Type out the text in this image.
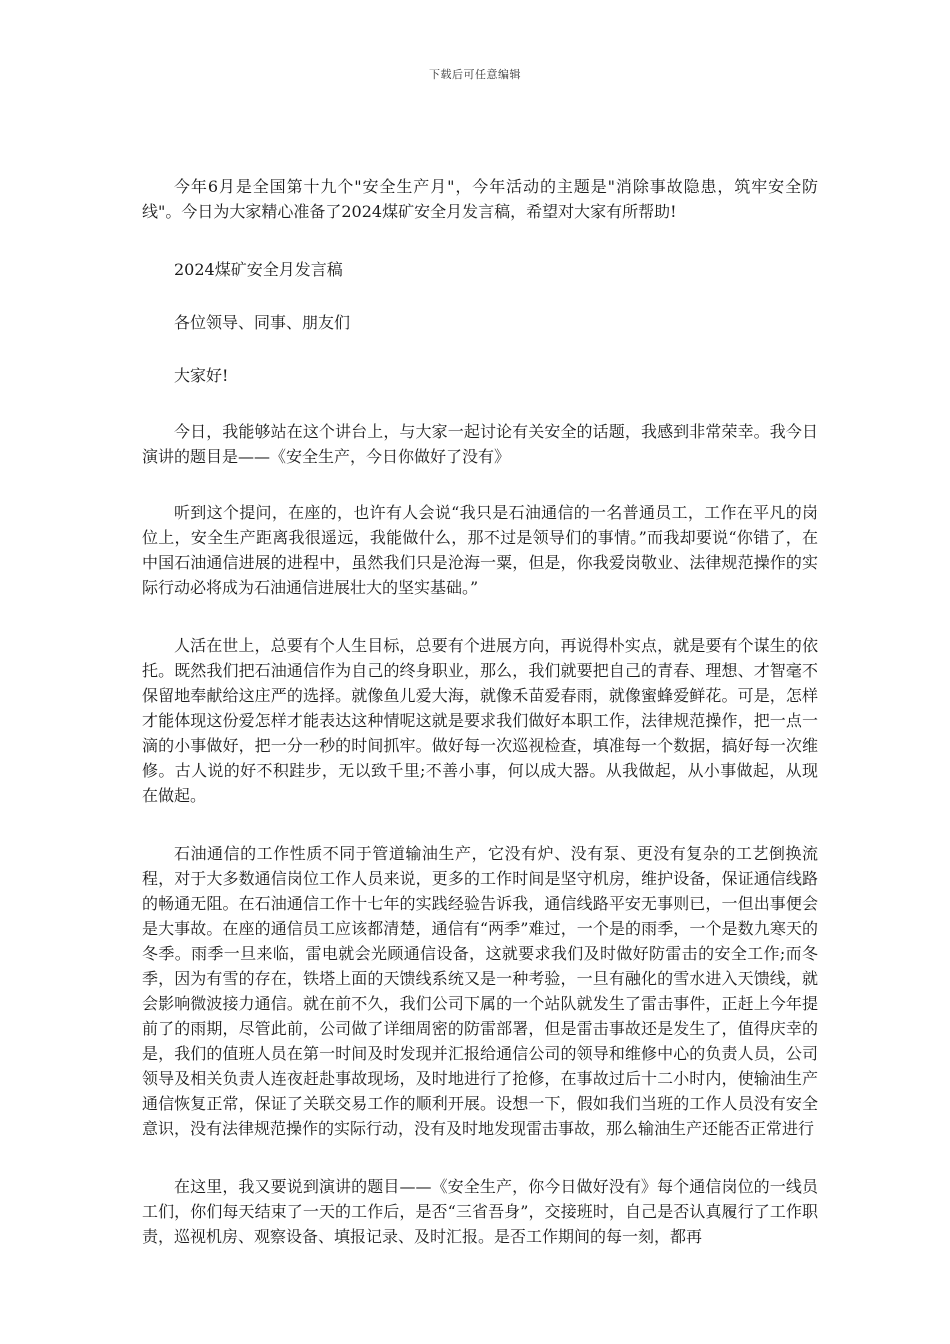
下载后可任意编辑

今年6月是全国第十九个"安全生产月"，今年活动的主题是"消除事故隐患，筑牢安全防线"。今日为大家精心准备了2024煤矿安全月发言稿，希望对大家有所帮助!

2024煤矿安全月发言稿

各位领导、同事、朋友们

大家好!

今日，我能够站在这个讲台上，与大家一起讨论有关安全的话题，我感到非常荣幸。我今日演讲的题目是——《安全生产，今日你做好了没有》

听到这个提问，在座的，也许有人会说“我只是石油通信的一名普通员工，工作在平凡的岗位上，安全生产距离我很遥远，我能做什么，那不过是领导们的事情。”而我却要说“你错了，在中国石油通信进展的进程中，虽然我们只是沧海一粟，但是，你我爱岗敬业、法律规范操作的实际行动必将成为石油通信进展壮大的坚实基础。”

人活在世上，总要有个人生目标，总要有个进展方向，再说得朴实点，就是要有个谋生的依托。既然我们把石油通信作为自己的终身职业，那么，我们就要把自己的青春、理想、才智毫不保留地奉献给这庄严的选择。就像鱼儿爱大海，就像禾苗爱春雨，就像蜜蜂爱鲜花。可是，怎样才能体现这份爱怎样才能表达这种情呢这就是要求我们做好本职工作，法律规范操作，把一点一滴的小事做好，把一分一秒的时间抓牢。做好每一次巡视检查，填准每一个数据，搞好每一次维修。古人说的好不积跬步，无以致千里;不善小事，何以成大器。从我做起，从小事做起，从现在做起。

石油通信的工作性质不同于管道输油生产，它没有炉、没有泵、更没有复杂的工艺倒换流程，对于大多数通信岗位工作人员来说，更多的工作时间是坚守机房，维护设备，保证通信线路的畅通无阻。在石油通信工作十七年的实践经验告诉我，通信线路平安无事则已，一但出事便会是大事故。在座的通信员工应该都清楚，通信有“两季”难过，一个是的雨季，一个是数九寒天的冬季。雨季一旦来临，雷电就会光顾通信设备，这就要求我们及时做好防雷击的安全工作;而冬季，因为有雪的存在，铁塔上面的天馈线系统又是一种考验，一旦有融化的雪水进入天馈线，就会影响微波接力通信。就在前不久，我们公司下属的一个站队就发生了雷击事件，正赶上今年提前了的雨期，尽管此前，公司做了详细周密的防雷部署，但是雷击事故还是发生了，值得庆幸的是，我们的值班人员在第一时间及时发现并汇报给通信公司的领导和维修中心的负责人员，公司领导及相关负责人连夜赶赴事故现场，及时地进行了抢修，在事故过后十二小时内，使输油生产通信恢复正常，保证了关联交易工作的顺利开展。设想一下，假如我们当班的工作人员没有安全意识，没有法律规范操作的实际行动，没有及时地发现雷击事故，那么输油生产还能否正常进行

在这里，我又要说到演讲的题目——《安全生产，你今日做好没有》每个通信岗位的一线员工们，你们每天结束了一天的工作后，是否“三省吾身”，交接班时，自己是否认真履行了工作职责，巡视机房、观察设备、填报记录、及时汇报。是否工作期间的每一刻，都再
